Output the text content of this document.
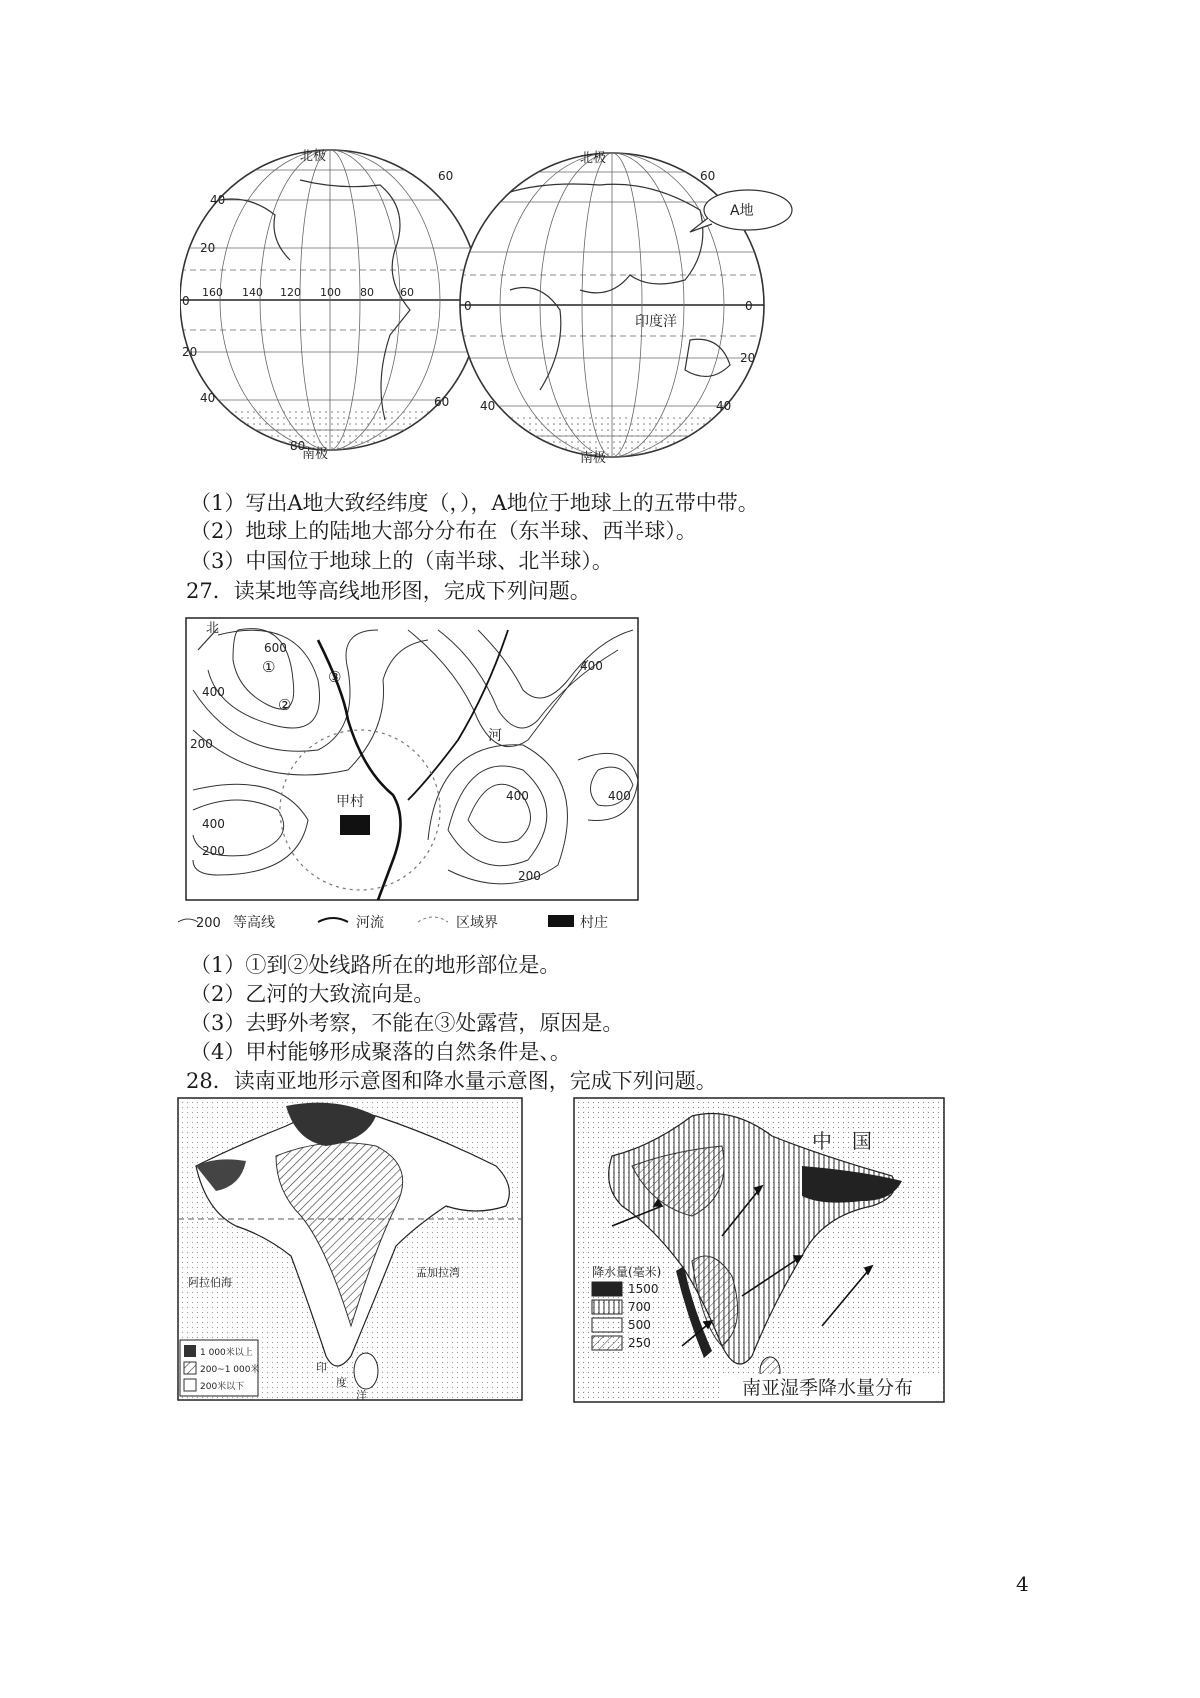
北极
南极
0
20
40
20
40
60
60
80
160 140 120 100 80 60
北极
南极
印度洋
0	0
20
40
60
40
A地
（1）写出A地大致经纬度（，），A地位于地球上的五带中带。
（2）地球上的陆地大部分分布在（东半球、西半球）。
（3）中国位于地球上的（南半球、北半球）。
27．读某地等高线地形图，完成下列问题。
北
①
②
③
甲村
河
600
400
200
400
200
400
400	400
200
200 等高线	河流	区域界	村庄
（1）①到②处线路所在的地形部位是。
（2）乙河的大致流向是。
（3）去野外考察，不能在③处露营，原因是。
（4）甲村能够形成聚落的自然条件是、。
28．读南亚地形示意图和降水量示意图，完成下列问题。
阿拉伯海
孟加拉湾
印
度
洋
1 000米以上
200~1 000米
200米以下
中　国
降水量(毫米)
1500
700
500
250
南亚湿季降水量分布
4
